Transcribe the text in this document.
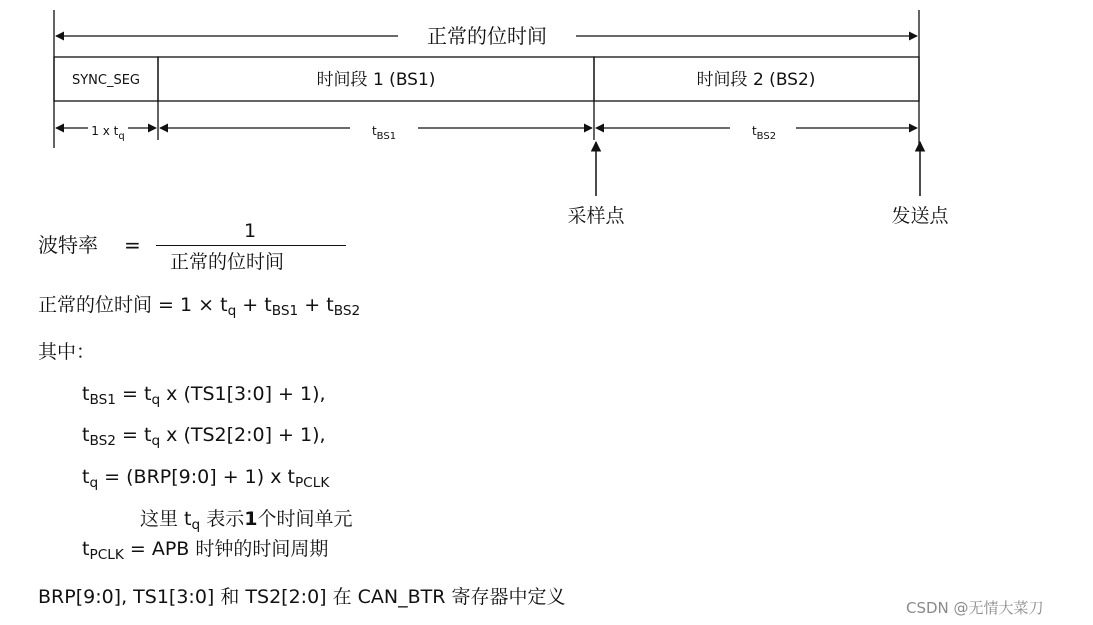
正常的位时间
SYNC_SEG	时间段 1 (BS1)	时间段 2 (BS2)
1 x $t_q$	$t_{BS1}$	$t_{BS2}$
采样点	发送点
波特率 =
1
正常的位时间
正常的位时间 = $1 \times t_q + t_{BS1} + t_{BS2}$
其中：
$t_{BS1} = t_q$ x (TS1[3:0] + 1),
$t_{BS2} = t_q$ x (TS2[2:0] + 1),
$t_q$ = (BRP[9:0] + 1) x $t_{PCLK}$
这里 $t_q$ 表示1个时间单元
$t_{PCLK}$ = APB 时钟的时间周期
BRP[9:0], TS1[3:0] 和 TS2[2:0] 在 CAN_BTR 寄存器中定义	CSDN @无情大菜刀
